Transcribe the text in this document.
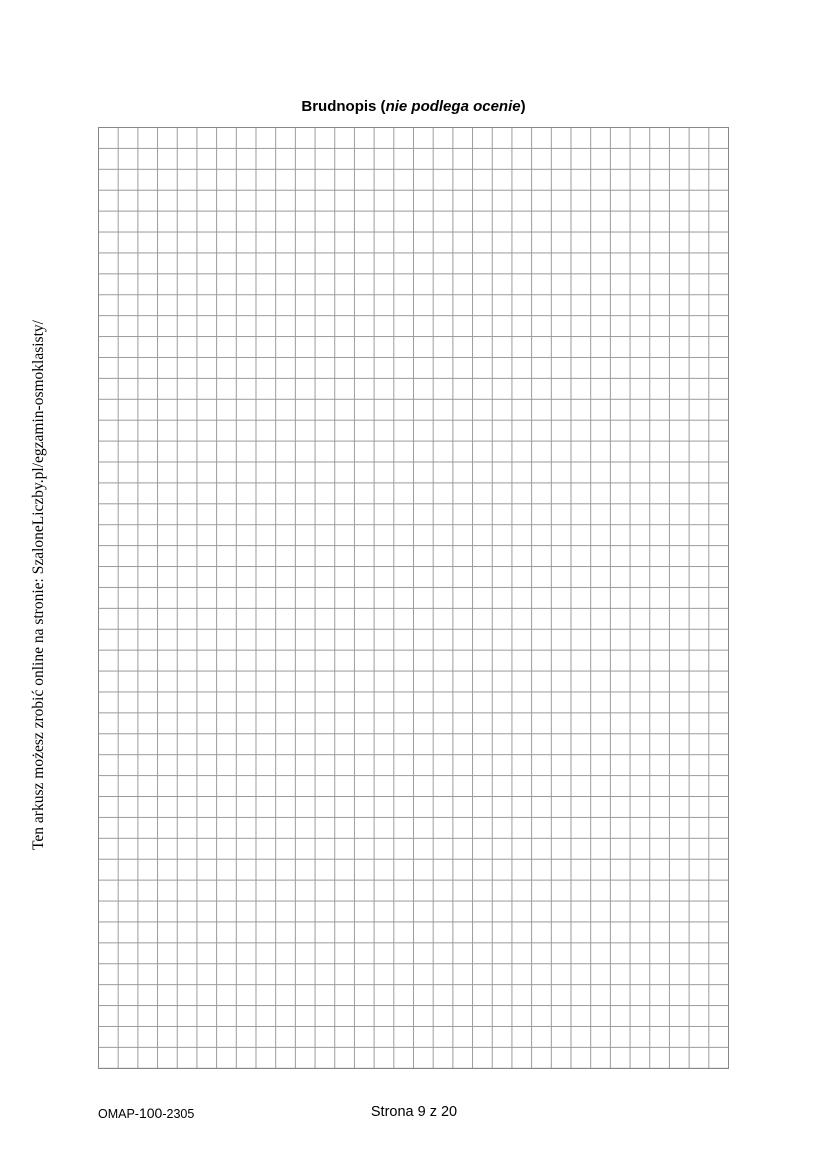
Brudnopis (nie podlega ocenie)
Ten arkusz możesz zrobić online na stronie: SzaloneLiczby.pl/egzamin-osmoklasisty/
OMAP-100-2305	Strona 9 z 20
